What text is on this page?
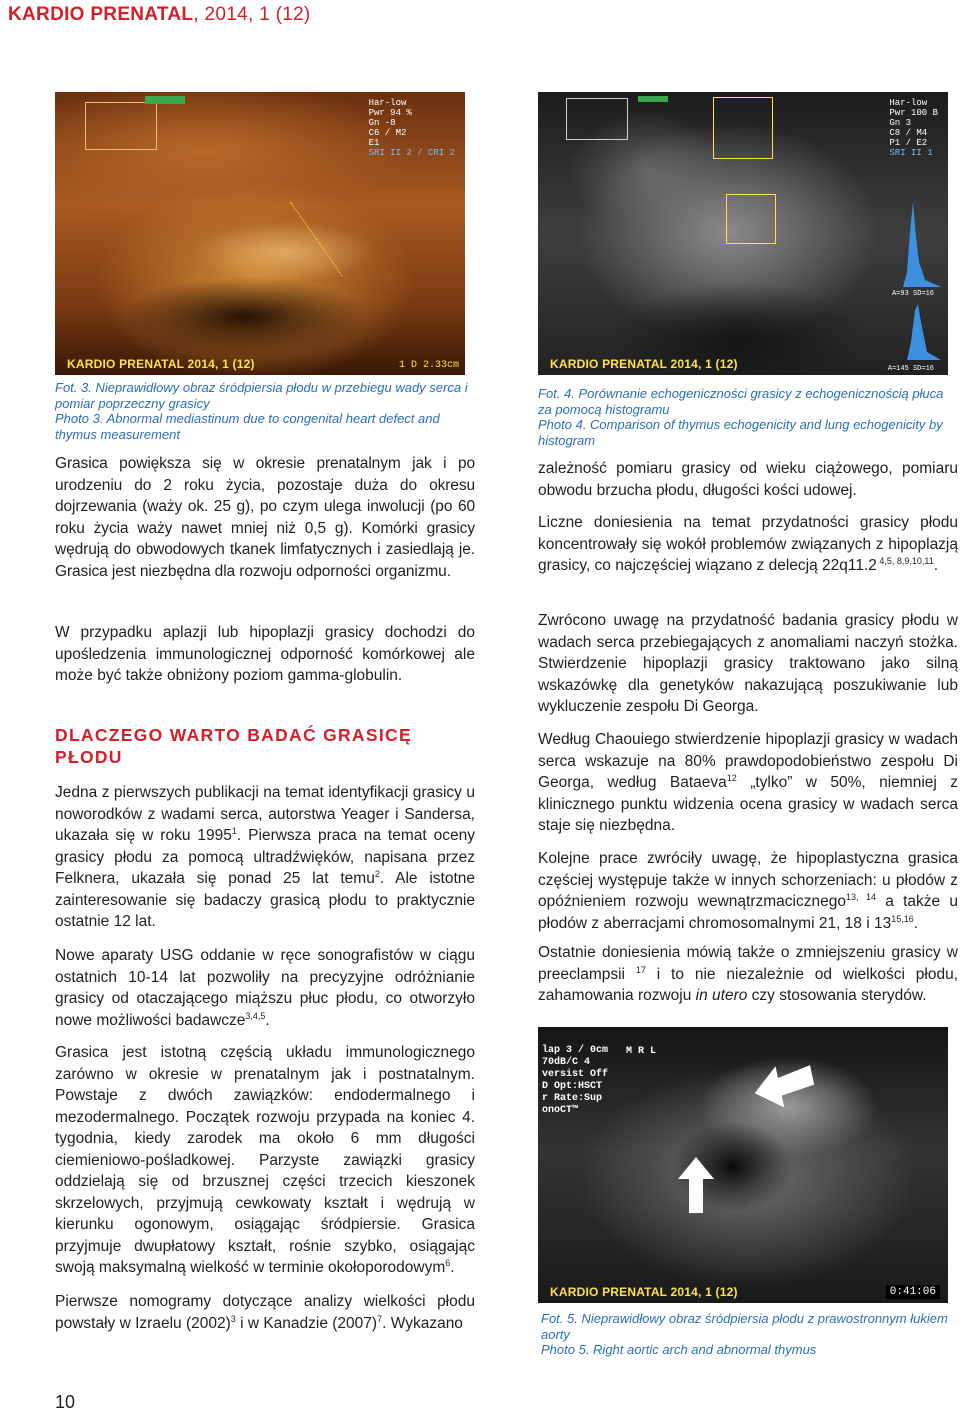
KARDIO PRENATAL, 2014, 1 (12)
Har-low
Pwr 94 %
Gn -8
C6 / M2
E1
SRI II 2 / CRI 2
1 D 2.33cm
KARDIO PRENATAL 2014, 1 (12)
Fot. 3. Nieprawidłowy obraz śródpiersia płodu w przebiegu wady serca i pomiar poprzeczny grasicy
Photo 3. Abnormal mediastinum due to congenital heart defect and thymus measurement

Grasica powiększa się w okresie prenatalnym jak i po urodzeniu do 2 roku życia, pozostaje duża do okresu dojrzewania (waży ok. 25 g), po czym ulega inwolucji (po 60 roku życia waży nawet mniej niż 0,5 g). Komórki grasicy wędrują do obwodowych tkanek limfatycznych i zasiedlają je. Grasica jest niezbędna dla rozwoju odporności organizmu.

W przypadku aplazji lub hipoplazji grasicy dochodzi do upośledzenia immunologicznej odporność komórkowej ale może być także obniżony poziom gamma-globulin.

DLACZEGO WARTO BADAĆ GRASICĘ PŁODU

Jedna z pierwszych publikacji na temat identyfikacji grasicy u noworodków z wadami serca, autorstwa Yeager i Sandersa, ukazała się w roku 1995$^1$. Pierwsza praca na temat oceny grasicy płodu za pomocą ultradźwięków, napisana przez Felknera, ukazała się ponad 25 lat temu$^2$. Ale istotne zainteresowanie się badaczy grasicą płodu to praktycznie ostatnie 12 lat.

Nowe aparaty USG oddanie w ręce sonografistów w ciągu ostatnich 10-14 lat pozwoliły na precyzyjne odróżnianie grasicy od otaczającego miąższu płuc płodu, co otworzyło nowe możliwości badawcze$^{3,4,5}$.

Grasica jest istotną częścią układu immunologicznego zarówno w okresie w prenatalnym jak i postnatalnym. Powstaje z dwóch zawiązków: endodermalnego i mezodermalnego. Początek rozwoju przypada na koniec 4. tygodnia, kiedy zarodek ma około 6 mm długości ciemieniowo-pośladkowej. Parzyste zawiązki grasicy oddzielają się od brzusznej części trzecich kieszonek skrzelowych, przyjmują cewkowaty kształt i wędrują w kierunku ogonowym, osiągając śródpiersie. Grasica przyjmuje dwupłatowy kształt, rośnie szybko, osiągając swoją maksymalną wielkość w terminie okołoporodowym$^6$.

Pierwsze nomogramy dotyczące analizy wielkości płodu powstały w Izraelu $(2002)^3$ i w Kanadzie $(2007)^7$. Wykazano

Har-low
Pwr 100 B
Gn 3
C8 / M4
P1 / E2
SRI II 1
A=93 SD=16
A=145 SD=16
KARDIO PRENATAL 2014, 1 (12)
Fot. 4. Porównanie echogeniczności grasicy z echogenicznością płuca za pomocą histogramu
Photo 4. Comparison of thymus echogenicity and lung echogenicity by histogram

zależność pomiaru grasicy od wieku ciążowego, pomiaru obwodu brzucha płodu, długości kości udowej.

Liczne doniesienia na temat przydatności grasicy płodu koncentrowały się wokół problemów związanych z hipoplazją grasicy, co najczęściej wiązano z delecją 22q11.2 $^{4,5, 8,9,10,11}$.

Zwrócono uwagę na przydatność badania grasicy płodu w wadach serca przebiegających z anomaliami naczyń stożka. Stwierdzenie hipoplazji grasicy traktowano jako silną wskazówkę dla genetyków nakazującą poszukiwanie lub wykluczenie zespołu Di Georga.

Według Chaouiego stwierdzenie hipoplazji grasicy w wadach serca wskazuje na 80% prawdopodobieństwo zespołu Di Georga, według Bataeva$^{12}$ „tylko” w 50%, niemniej z klinicznego punktu widzenia ocena grasicy w wadach serca staje się niezbędna.

Kolejne prace zwróciły uwagę, że hipoplastyczna grasica częściej występuje także w innych schorzeniach: u płodów z opóźnieniem rozwoju wewnątrzmacicznego$^{13, 14}$ a także u płodów z aberracjami chromosomalnymi 21, 18 i 13$^{15,16}$.

Ostatnie doniesienia mówią także o zmniejszeniu grasicy w preeclampsii $^{17}$ i to nie niezależnie od wielkości płodu, zahamowania rozwoju in utero czy stosowania sterydów.

lap 3 / 0cm
70dB/C 4
versist Off
D Opt:HSCT
r Rate:Sup
onoCT™
M R L
0:41:06
KARDIO PRENATAL 2014, 1 (12)
Fot. 5. Nieprawidłowy obraz śródpiersia płodu z prawostronnym łukiem aorty
Photo 5. Right aortic arch and abnormal thymus
10
